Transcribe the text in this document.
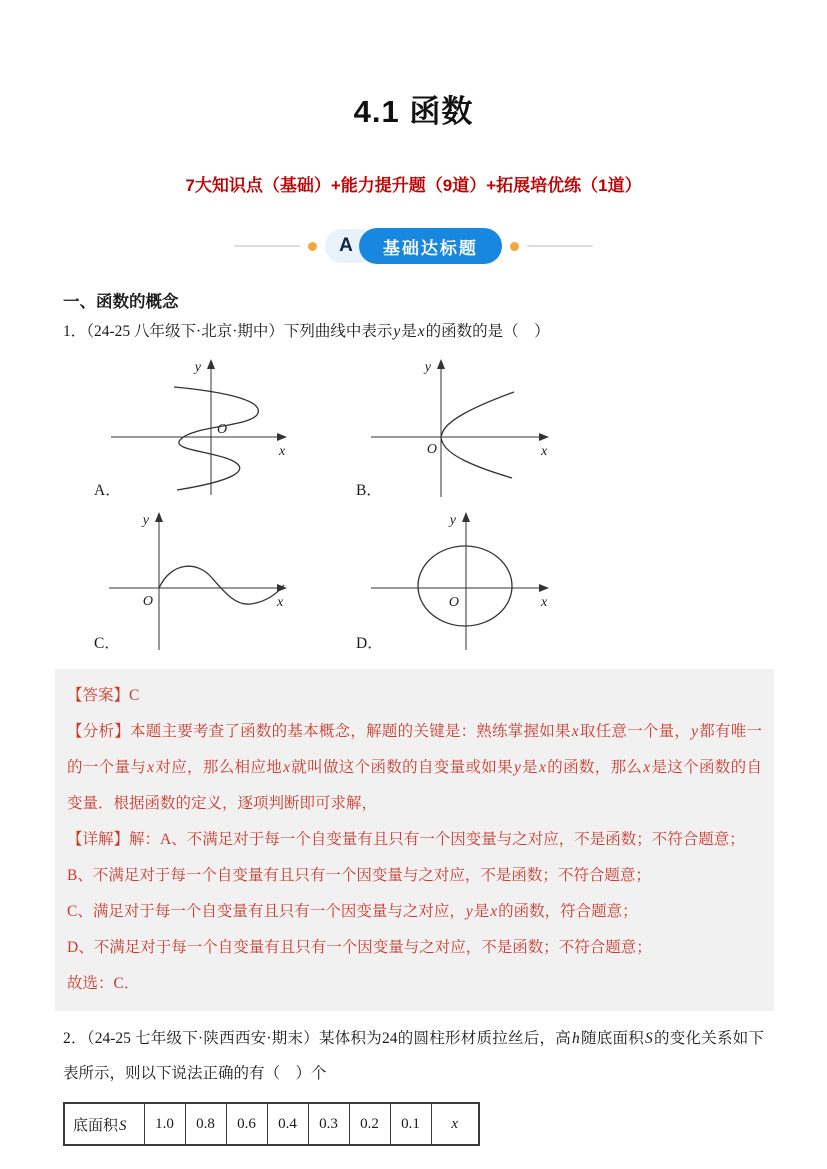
4.1 函数
7大知识点（基础）+能力提升题（9道）+拓展培优练（1道）
A	基础达标题
一、函数的概念
1．（24-25 八年级下·北京·期中）下列曲线中表示y是x的函数的是（　）
y
x
O
A．
y
x
O
B．
y
x
O
C．
y
x
O
D．

【答案】C

【分析】本题主要考查了函数的基本概念，解题的关键是：熟练掌握如果x取任意一个量，y都有唯一的一个量与x对应，那么相应地x就叫做这个函数的自变量或如果y是x的函数，那么x是这个函数的自变量．根据函数的定义，逐项判断即可求解，

【详解】解：A、不满足对于每一个自变量有且只有一个因变量与之对应，不是函数；不符合题意；

B、不满足对于每一个自变量有且只有一个因变量与之对应，不是函数；不符合题意；

C、满足对于每一个自变量有且只有一个因变量与之对应，y是x的函数，符合题意；

D、不满足对于每一个自变量有且只有一个因变量与之对应，不是函数；不符合题意；

故选：C．

2．（24-25 七年级下·陕西西安·期末）某体积为24的圆柱形材质拉丝后，高h随底面积S的变化关系如下表所示，则以下说法正确的有（　）个
底面积S	1.0	0.8	0.6	0.4	0.3	0.2	0.1	x
